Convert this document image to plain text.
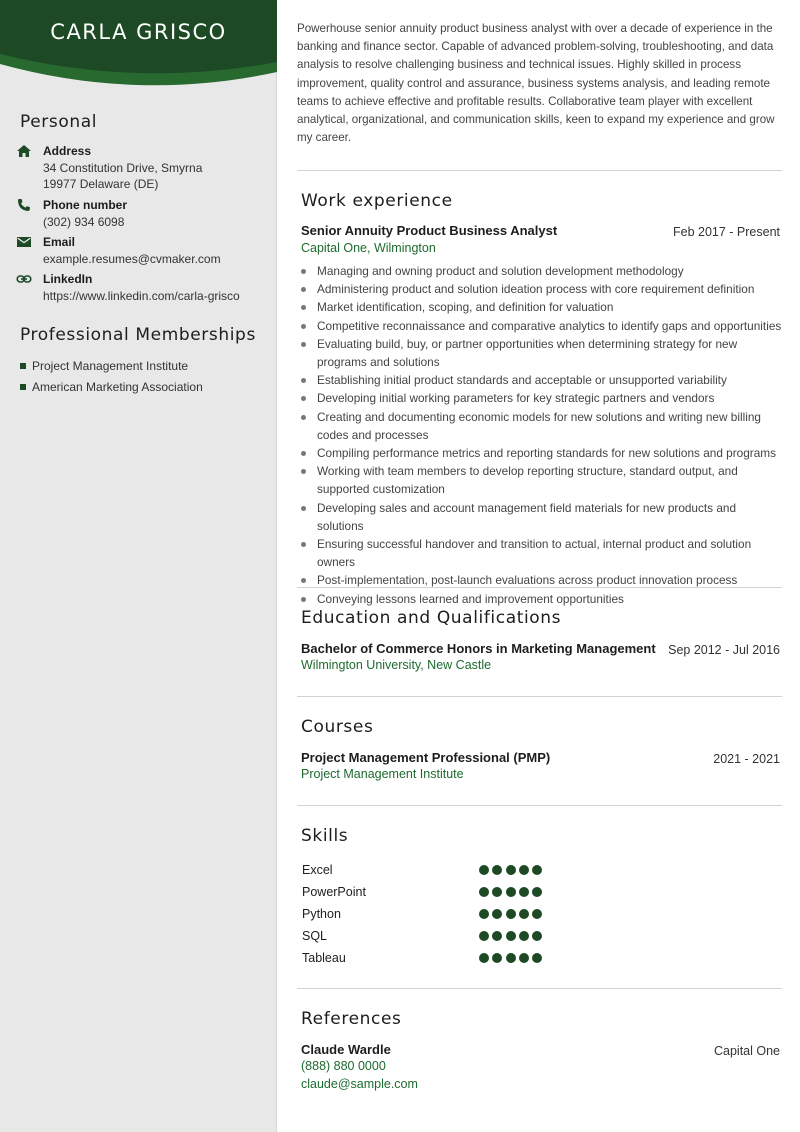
CARLA GRISCO
Personal
Address
34 Constitution Drive, Smyrna
19977 Delaware (DE)
Phone number
(302) 934 6098
Email
example.resumes@cvmaker.com
LinkedIn
https://www.linkedin.com/carla-grisco
Professional Memberships
Project Management Institute
American Marketing Association
Powerhouse senior annuity product business analyst with over a decade of experience in the banking and finance sector. Capable of advanced problem-solving, troubleshooting, and data analysis to resolve challenging business and technical issues. Highly skilled in process improvement, quality control and assurance, business systems analysis, and leading remote teams to achieve effective and profitable results. Collaborative team player with excellent analytical, organizational, and communication skills, keen to expand my experience and grow my career.
Work experience
Senior Annuity Product Business Analyst	Feb 2017 - Present
Capital One, Wilmington
Managing and owning product and solution development methodology
Administering product and solution ideation process with core requirement definition
Market identification, scoping, and definition for valuation
Competitive reconnaissance and comparative analytics to identify gaps and opportunities
Evaluating build, buy, or partner opportunities when determining strategy for new programs and solutions
Establishing initial product standards and acceptable or unsupported variability
Developing initial working parameters for key strategic partners and vendors
Creating and documenting economic models for new solutions and writing new billing codes and processes
Compiling performance metrics and reporting standards for new solutions and programs
Working with team members to develop reporting structure, standard output, and supported customization
Developing sales and account management field materials for new products and solutions
Ensuring successful handover and transition to actual, internal product and solution owners
Post-implementation, post-launch evaluations across product innovation process
Conveying lessons learned and improvement opportunities
Education and Qualifications
Bachelor of Commerce Honors in Marketing Management Sep 2012 - Jul 2016
Wilmington University, New Castle
Courses
Project Management Professional (PMP)	2021 - 2021
Project Management Institute
Skills
Excel
PowerPoint
Python
SQL
Tableau
References
Claude Wardle	Capital One
(888) 880 0000
claude@sample.com
